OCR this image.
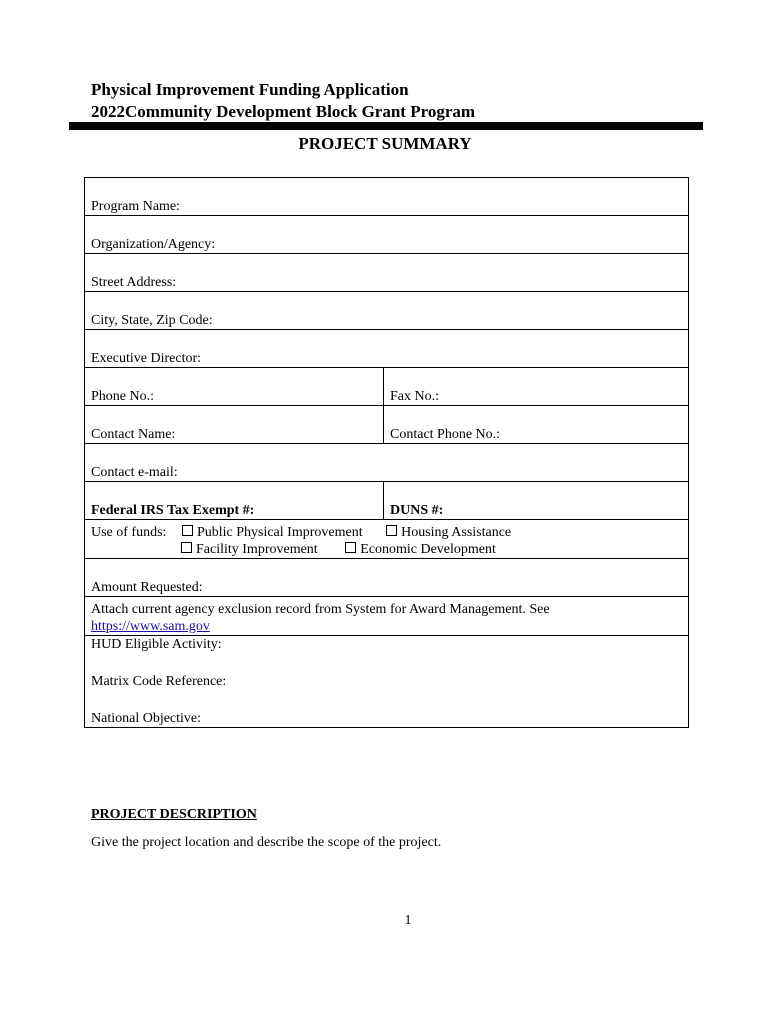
Physical Improvement Funding Application
2022Community Development Block Grant Program
PROJECT SUMMARY
Program Name:	
Organization/Agency:	
Street Address:	
City, State, Zip Code:	
Executive Director:	
Phone No.:	Fax No.:
Contact Name:	Contact Phone No.:
Contact e-mail:	
Federal IRS Tax Exempt #:	DUNS #:

Use of funds: Public Physical Improvement Housing Assistance
Facility Improvement Economic Development	

Amount Requested:	

Attach current agency exclusion record from System for Award Management. See
https://www.sam.gov	

HUD Eligible Activity:
Matrix Code Reference:
National Objective:	
PROJECT DESCRIPTION
Give the project location and describe the scope of the project.
1
